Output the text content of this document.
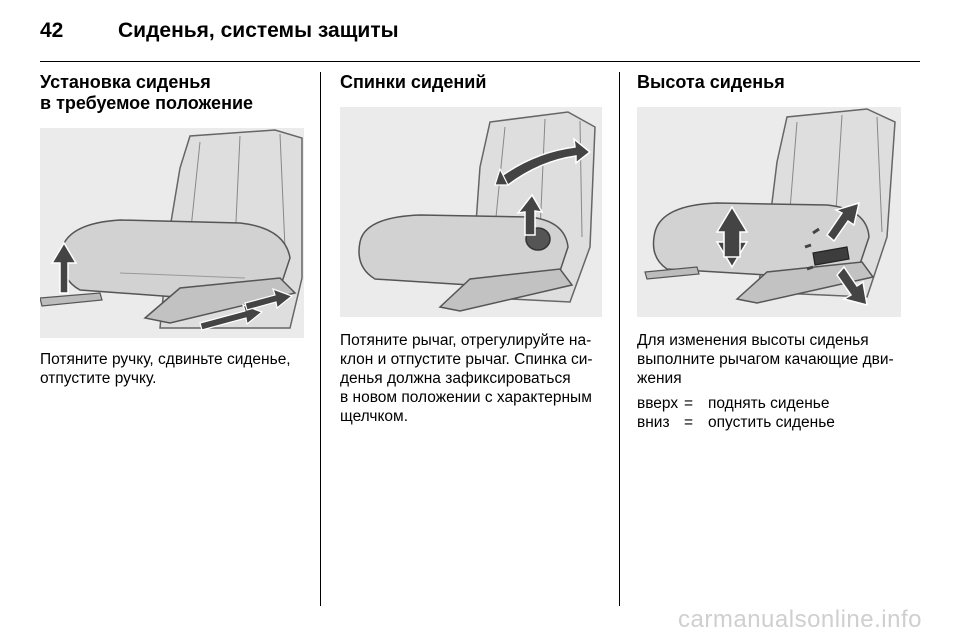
42	Сиденья, системы защиты
Установка сиденья
в требуемое положение

Потяните ручку, сдвиньте сиденье,
отпустите ручку.

Спинки сидений

Потяните рычаг, отрегулируйте на-
клон и отпустите рычаг. Спинка си-
денья должна зафиксироваться
в новом положении с характерным
щелчком.

Высота сиденья

Для изменения высоты сиденья
выполните рычагом качающие дви-
жения

вверх = поднять сиденье
вниз = опустить сиденье
carmanualsonline.info
